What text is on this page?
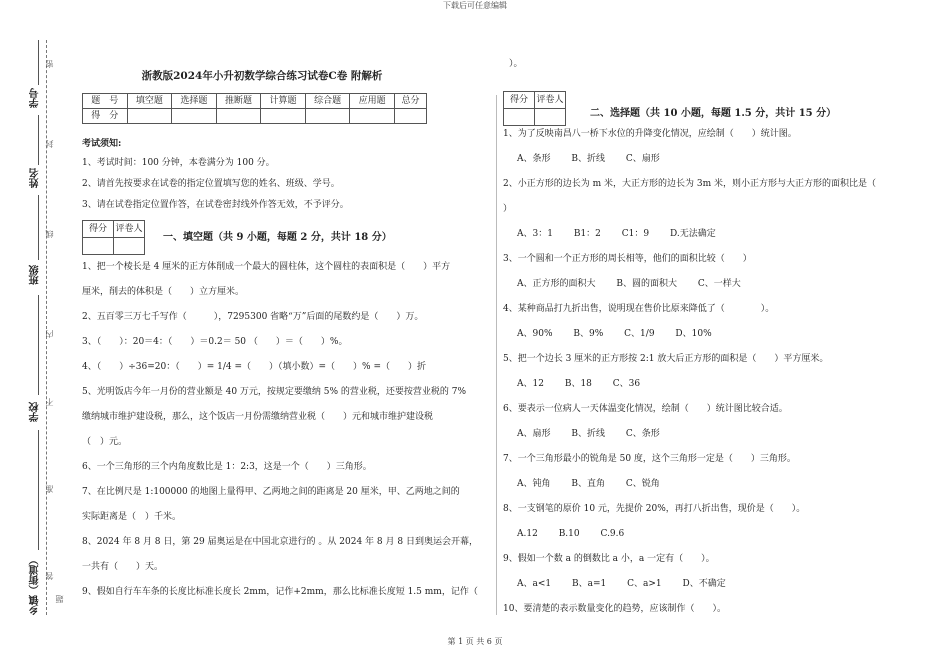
下载后可任意编辑
学号
姓名
班级
学校
乡镇（街道）
密
封
线
内
不
准
答
题
浙教版2024年小升初数学综合练习试卷C卷 附解析
题　号	填空题	选择题	推断题	计算题	综合题	应用题	总分
得　分							
考试须知:
1、考试时间：100 分钟，本卷满分为 100 分。
2、请首先按要求在试卷的指定位置填写您的姓名、班级、学号。
3、请在试卷指定位置作答，在试卷密封线外作答无效，不予评分。
得分	评卷人

一、填空题（共 9 小题，每题 2 分，共计 18 分）
1、把一个棱长是 4 厘米的正方体削成一个最大的圆柱体，这个圆柱的表面积是（　　）平方
厘米，削去的体积是（　　）立方厘米。
2、五百零三万七千写作（　　　），7295300 省略“万”后面的尾数约是（　　）万。
3、（　　）：20＝4：（　　）＝0.2＝ 50 （　　）＝（　　）%。
4、（　　）÷36=20：（　　）= 1/4 =（　　）（填小数）=（　　）% =（　　）折
5、光明饭店今年一月份的营业额是 40 万元，按规定要缴纳 5% 的营业税，还要按营业税的 7%
缴纳城市维护建设税，那么，这个饭店一月份需缴纳营业税（　　）元和城市维护建设税
（　）元。
6、一个三角形的三个内角度数比是 1：2:3，这是一个（　　）三角形。
7、在比例尺是 1:100000 的地图上量得甲、乙两地之间的距离是 20 厘米，甲、乙两地之间的
实际距离是（　）千米。
8、2024 年 8 月 8 日，第 29 届奥运是在中国北京进行的 。从 2024 年 8 月 8 日到奥运会开幕，
一共有（　　）天。
9、假如自行车车条的长度比标准长度长 2mm，记作+2mm，那么比标准长度短 1.5 mm，记作（　
）。
得分	评卷人

二、选择题（共 10 小题，每题 1.5 分，共计 15 分）
1、为了反映南昌八一桥下水位的升降变化情况，应绘制（　　）统计图。
A、条形 B、折线 C、扇形
2、小正方形的边长为 m 米，大正方形的边长为 3m 米，则小正方形与大正方形的面积比是（
）
A、3：1 B1：2 C1：9 D.无法确定
3、一个圆和一个正方形的周长相等，他们的面积比较（　　）
A、正方形的面积大 B、圆的面积大 C、一样大
4、某种商品打九折出售，说明现在售价比原来降低了（　　　　）。
A、90% B、9% C、1/9 D、10%
5、把一个边长 3 厘米的正方形按 2:1 放大后正方形的面积是（　　）平方厘米。
A、12 B、18 C、36
6、要表示一位病人一天体温变化情况，绘制（　　）统计图比较合适。
A、扇形 B、折线 C、条形
7、一个三角形最小的锐角是 50 度，这个三角形一定是（　　）三角形。
A、钝角 B、直角 C、锐角
8、一支钢笔的原价 10 元，先提价 20%，再打八折出售，现价是（　　）。
A.12 B.10 C.9.6
9、假如一个数 a 的倒数比 a 小，a 一定有（　　）。
A、a<1 B、a=1 C、a>1 D、不确定
10、要清楚的表示数量变化的趋势，应该制作（　　）。
第 1 页 共 6 页
